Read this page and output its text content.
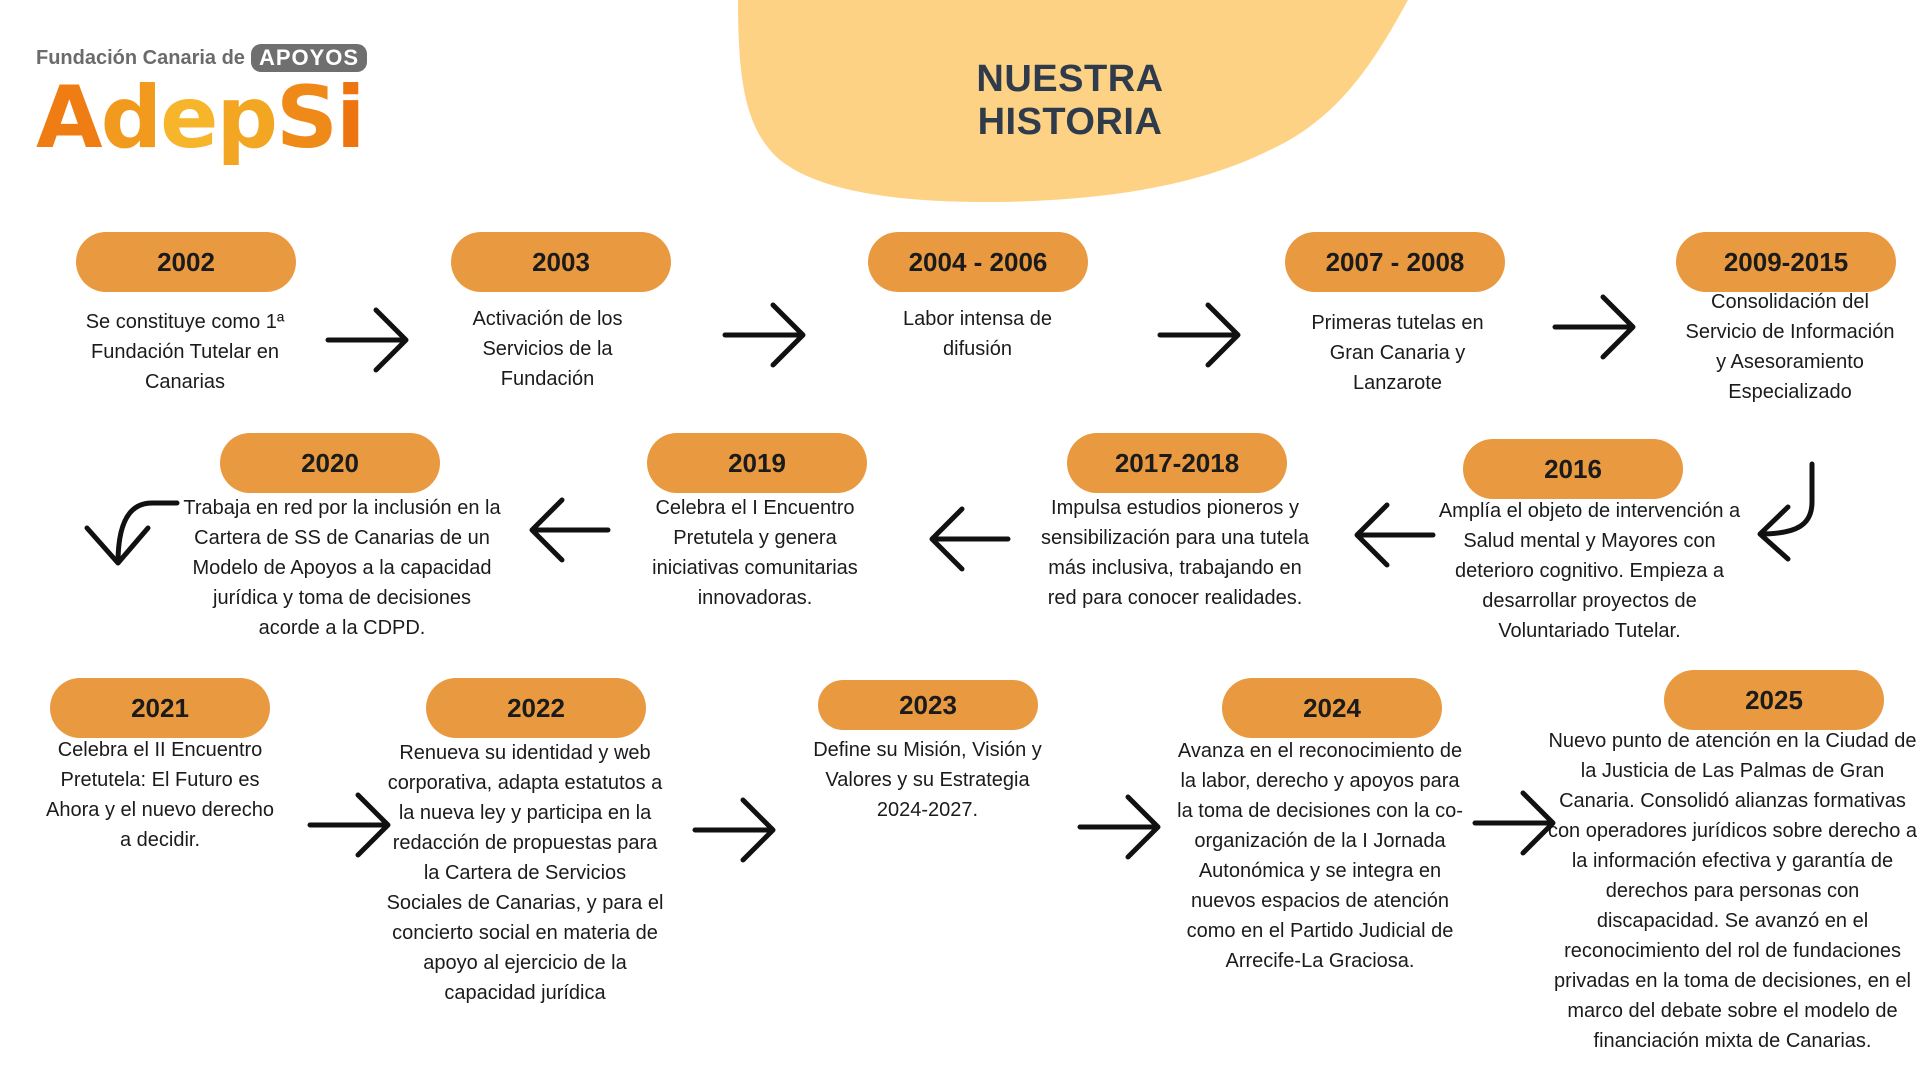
Fundación Canaria de APOYOS
AdepSi	NUESTRA HISTORIA
2002
Se constituye como 1ª Fundación Tutelar en Canarias
2003
Activación de los Servicios de la Fundación
2004 - 2006
Labor intensa de difusión
2007 - 2008
Primeras tutelas en Gran Canaria y Lanzarote
2009-2015
Consolidación del Servicio de Información y Asesoramiento Especializado
2020
Trabaja en red por la inclusión en la Cartera de SS de Canarias de un Modelo de Apoyos a la capacidad jurídica y toma de decisiones acorde a la CDPD.
2019
Celebra el I Encuentro Pretutela y genera iniciativas comunitarias innovadoras.
2017-2018
Impulsa estudios pioneros y sensibilización para una tutela más inclusiva, trabajando en red para conocer realidades.
2016
Amplía el objeto de intervención a Salud mental y Mayores con deterioro cognitivo. Empieza a desarrollar proyectos de Voluntariado Tutelar.
2021
Celebra el II Encuentro Pretutela: El Futuro es Ahora y el nuevo derecho a decidir.
2022
Renueva su identidad y web corporativa, adapta estatutos a la nueva ley y participa en la redacción de propuestas para la Cartera de Servicios Sociales de Canarias, y para el concierto social en materia de apoyo al ejercicio de la capacidad jurídica
2023
Define su Misión, Visión y Valores y su Estrategia 2024-2027.
2024
Avanza en el reconocimiento de la labor, derecho y apoyos para la toma de decisiones con la co-organización de la I Jornada Autonómica y se integra en nuevos espacios de atención como en el Partido Judicial de Arrecife-La Graciosa.
2025
Nuevo punto de atención en la Ciudad de la Justicia de Las Palmas de Gran Canaria. Consolidó alianzas formativas con operadores jurídicos sobre derecho a la información efectiva y garantía de derechos para personas con discapacidad. Se avanzó en el reconocimiento del rol de fundaciones privadas en la toma de decisiones, en el marco del debate sobre el modelo de financiación mixta de Canarias.
